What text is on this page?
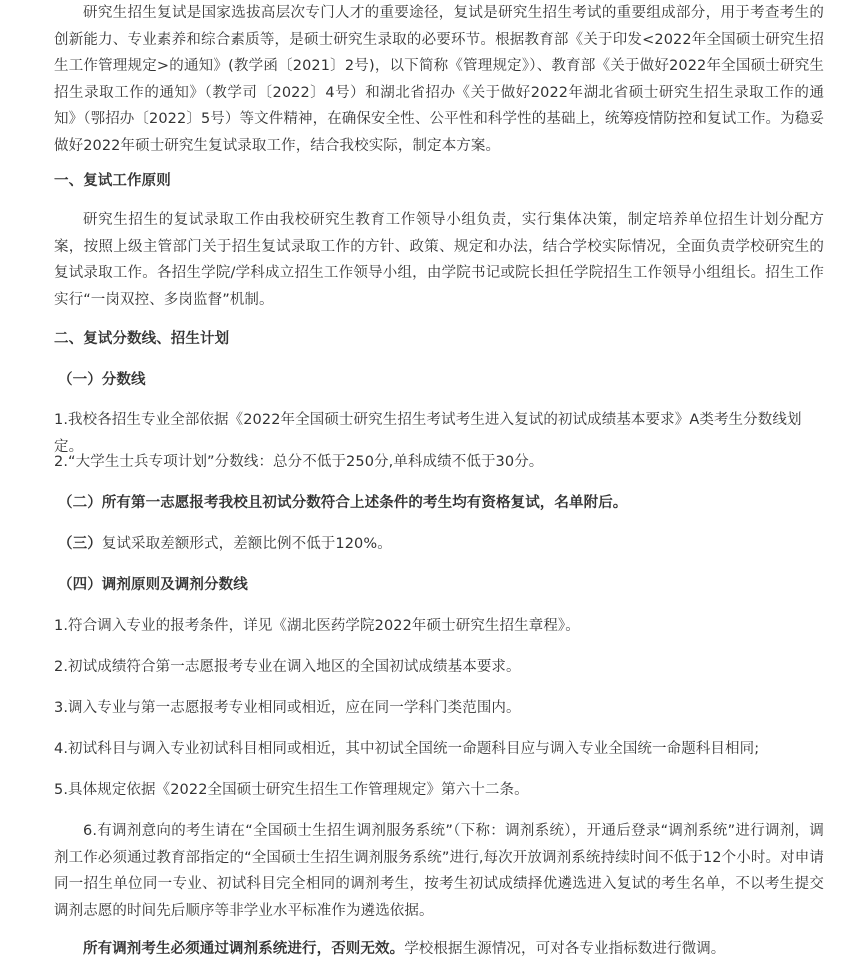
研究生招生复试是国家选拔高层次专门人才的重要途径，复试是研究生招生考试的重要组成部分，用于考查考生的创新能力、专业素养和综合素质等，是硕士研究生录取的必要环节。根据教育部《关于印发<2022年全国硕士研究生招生工作管理规定>的通知》(教学函〔2021〕2号)，以下简称《管理规定》）、教育部《关于做好2022年全国硕士研究生招生录取工作的通知》（教学司〔2022〕4号）和湖北省招办《关于做好2022年湖北省硕士研究生招生录取工作的通知》（鄂招办〔2022〕5号）等文件精神，在确保安全性、公平性和科学性的基础上，统筹疫情防控和复试工作。为稳妥做好2022年硕士研究生复试录取工作，结合我校实际，制定本方案。

一、复试工作原则

研究生招生的复试录取工作由我校研究生教育工作领导小组负责，实行集体决策，制定培养单位招生计划分配方案，按照上级主管部门关于招生复试录取工作的方针、政策、规定和办法，结合学校实际情况，全面负责学校研究生的复试录取工作。各招生学院/学科成立招生工作领导小组，由学院书记或院长担任学院招生工作领导小组组长。招生工作实行“一岗双控、多岗监督”机制。

二、复试分数线、招生计划

（一）分数线

1.我校各招生专业全部依据《2022年全国硕士研究生招生考试考生进入复试的初试成绩基本要求》A类考生分数线划定。

2.“大学生士兵专项计划”分数线：总分不低于250分,单科成绩不低于30分。

（二）所有第一志愿报考我校且初试分数符合上述条件的考生均有资格复试，名单附后。

（三）复试采取差额形式，差额比例不低于120%。

（四）调剂原则及调剂分数线

1.符合调入专业的报考条件，详见《湖北医药学院2022年硕士研究生招生章程》。

2.初试成绩符合第一志愿报考专业在调入地区的全国初试成绩基本要求。

3.调入专业与第一志愿报考专业相同或相近，应在同一学科门类范围内。

4.初试科目与调入专业初试科目相同或相近，其中初试全国统一命题科目应与调入专业全国统一命题科目相同;

5.具体规定依据《2022全国硕士研究生招生工作管理规定》第六十二条。

6.有调剂意向的考生请在“全国硕士生招生调剂服务系统”（下称：调剂系统），开通后登录“调剂系统”进行调剂，调剂工作必须通过教育部指定的“全国硕士生招生调剂服务系统”进行,每次开放调剂系统持续时间不低于12个小时。对申请同一招生单位同一专业、初试科目完全相同的调剂考生，按考生初试成绩择优遴选进入复试的考生名单，不以考生提交调剂志愿的时间先后顺序等非学业水平标准作为遴选依据。

所有调剂考生必须通过调剂系统进行，否则无效。学校根据生源情况，可对各专业指标数进行微调。
